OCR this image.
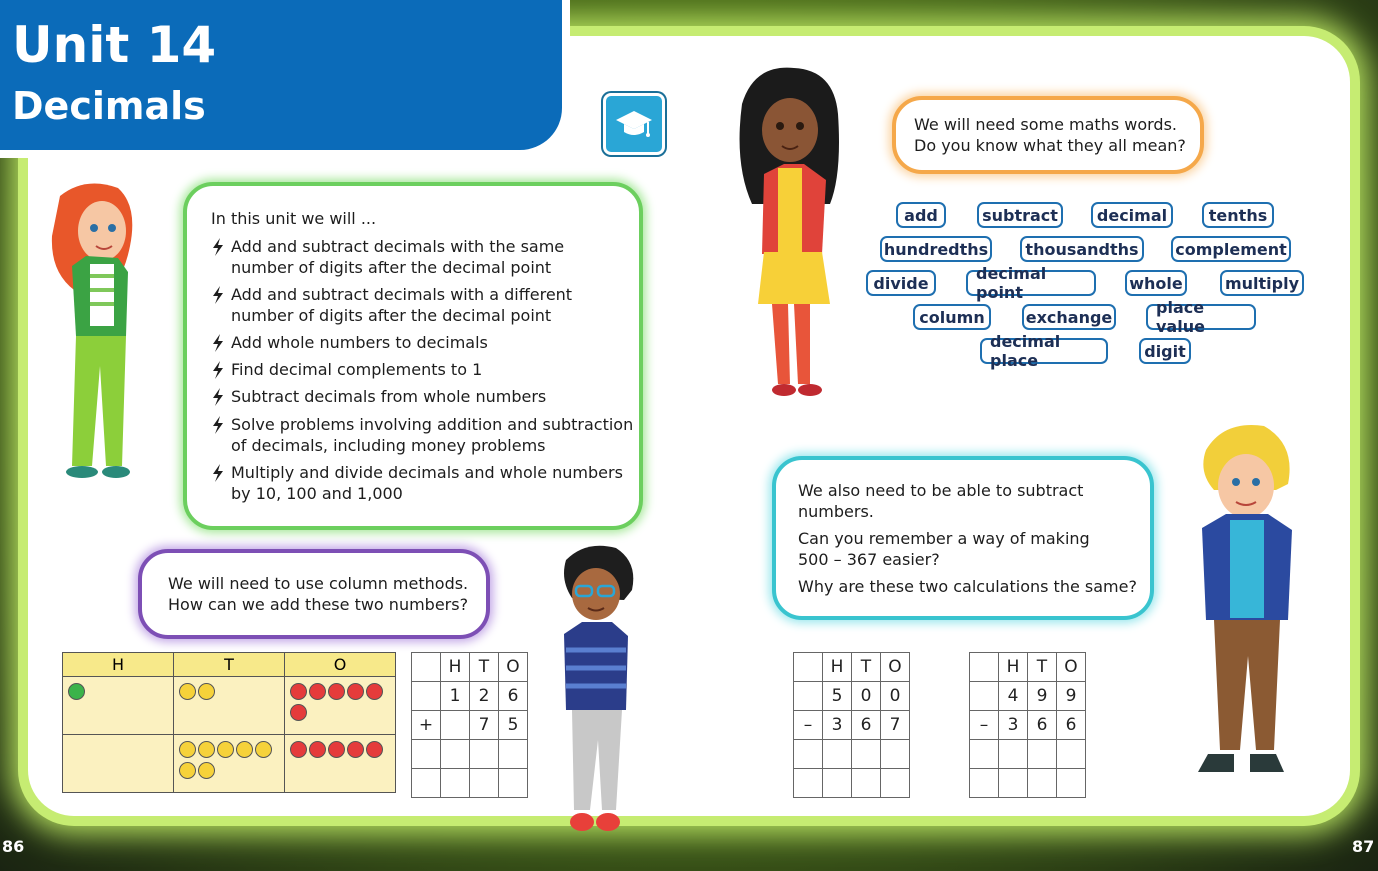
Unit 14
Decimals
86	87
In this unit we will ...
Add and subtract decimals with the same
number of digits after the decimal point
Add and subtract decimals with a different
number of digits after the decimal point
Add whole numbers to decimals
Find decimal complements to 1
Subtract decimals from whole numbers
Solve problems involving addition and subtraction
of decimals, including money problems
Multiply and divide decimals and whole numbers
by 10, 100 and 1,000
We will need to use column methods.
How can we add these two numbers?
H	T	O

		H	T	O
	1	2	6
+		7	5

We will need some maths words.
Do you know what they all mean?
add	subtract	decimal	tenths
hundredths	thousandths	complement
divide	decimal point	whole	multiply
column	exchange	place value
decimal place	digit
We also need to be able to subtract
numbers.
Can you remember a way of making
500 – 367 easier?
Why are these two calculations the same?
	H	T	O
	5	0	0
–	3	6	7

	H	T	O
	4	9	9
–	3	6	6
